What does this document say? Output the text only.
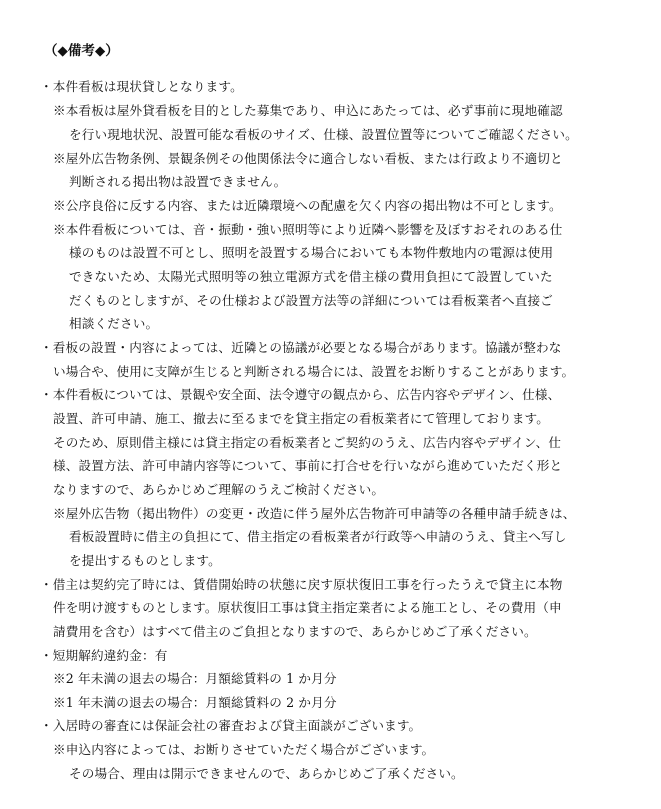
（◆備考◆）
・本件看板は現状貸しとなります。
※本看板は屋外貸看板を目的とした募集であり、申込にあたっては、必ず事前に現地確認
を行い現地状況、設置可能な看板のサイズ、仕様、設置位置等についてご確認ください。
※屋外広告物条例、景観条例その他関係法令に適合しない看板、または行政より不適切と
判断される掲出物は設置できません。
※公序良俗に反する内容、または近隣環境への配慮を欠く内容の掲出物は不可とします。
※本件看板については、音・振動・強い照明等により近隣へ影響を及ぼすおそれのある仕
様のものは設置不可とし、照明を設置する場合においても本物件敷地内の電源は使用
できないため、太陽光式照明等の独立電源方式を借主様の費用負担にて設置していた
だくものとしますが、その仕様および設置方法等の詳細については看板業者へ直接ご
相談ください。
・看板の設置・内容によっては、近隣との協議が必要となる場合があります。協議が整わな
い場合や、使用に支障が生じると判断される場合には、設置をお断りすることがあります。
・本件看板については、景観や安全面、法令遵守の観点から、広告内容やデザイン、仕様、
設置、許可申請、施工、撤去に至るまでを貸主指定の看板業者にて管理しております。
そのため、原則借主様には貸主指定の看板業者とご契約のうえ、広告内容やデザイン、仕
様、設置方法、許可申請内容等について、事前に打合せを行いながら進めていただく形と
なりますので、あらかじめご理解のうえご検討ください。
※屋外広告物（掲出物件）の変更・改造に伴う屋外広告物許可申請等の各種申請手続きは、
看板設置時に借主の負担にて、借主指定の看板業者が行政等へ申請のうえ、貸主へ写し
を提出するものとします。
・借主は契約完了時には、賃借開始時の状態に戻す原状復旧工事を行ったうえで貸主に本物
件を明け渡すものとします。原状復旧工事は貸主指定業者による施工とし、その費用（申
請費用を含む）はすべて借主のご負担となりますので、あらかじめご了承ください。
・短期解約違約金：有
※2 年未満の退去の場合：月額総賃料の 1 か月分
※1 年未満の退去の場合：月額総賃料の 2 か月分
・入居時の審査には保証会社の審査および貸主面談がございます。
※申込内容によっては、お断りさせていただく場合がございます。
その場合、理由は開示できませんので、あらかじめご了承ください。
